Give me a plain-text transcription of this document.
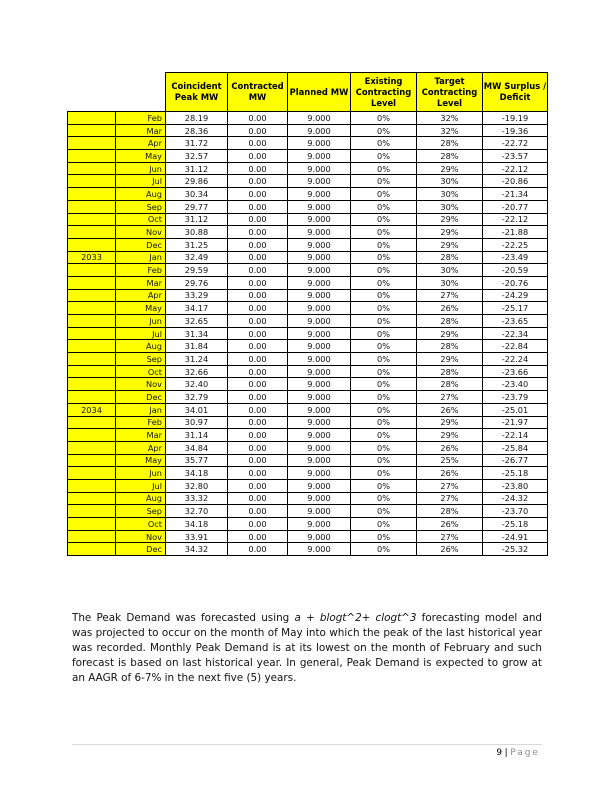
		Coincident Peak MW	Contracted MW	Planned MW	Existing Contracting Level	Target Contracting Level	MW Surplus / Deficit
	Feb	28.19	0.00	9.000	0%	32%	-19.19
	Mar	28.36	0.00	9.000	0%	32%	-19.36
	Apr	31.72	0.00	9.000	0%	28%	-22.72
	May	32.57	0.00	9.000	0%	28%	-23.57
	Jun	31.12	0.00	9.000	0%	29%	-22.12
	Jul	29.86	0.00	9.000	0%	30%	-20.86
	Aug	30.34	0.00	9.000	0%	30%	-21.34
	Sep	29.77	0.00	9.000	0%	30%	-20.77
	Oct	31.12	0.00	9.000	0%	29%	-22.12
	Nov	30.88	0.00	9.000	0%	29%	-21.88
	Dec	31.25	0.00	9.000	0%	29%	-22.25
2033	Jan	32.49	0.00	9.000	0%	28%	-23.49
	Feb	29.59	0.00	9.000	0%	30%	-20.59
	Mar	29.76	0.00	9.000	0%	30%	-20.76
	Apr	33.29	0.00	9.000	0%	27%	-24.29
	May	34.17	0.00	9.000	0%	26%	-25.17
	Jun	32.65	0.00	9.000	0%	28%	-23.65
	Jul	31.34	0.00	9.000	0%	29%	-22.34
	Aug	31.84	0.00	9.000	0%	28%	-22.84
	Sep	31.24	0.00	9.000	0%	29%	-22.24
	Oct	32.66	0.00	9.000	0%	28%	-23.66
	Nov	32.40	0.00	9.000	0%	28%	-23.40
	Dec	32.79	0.00	9.000	0%	27%	-23.79
2034	Jan	34.01	0.00	9.000	0%	26%	-25.01
	Feb	30.97	0.00	9.000	0%	29%	-21.97
	Mar	31.14	0.00	9.000	0%	29%	-22.14
	Apr	34.84	0.00	9.000	0%	26%	-25.84
	May	35.77	0.00	9.000	0%	25%	-26.77
	Jun	34.18	0.00	9.000	0%	26%	-25.18
	Jul	32.80	0.00	9.000	0%	27%	-23.80
	Aug	33.32	0.00	9.000	0%	27%	-24.32
	Sep	32.70	0.00	9.000	0%	28%	-23.70
	Oct	34.18	0.00	9.000	0%	26%	-25.18
	Nov	33.91	0.00	9.000	0%	27%	-24.91
	Dec	34.32	0.00	9.000	0%	26%	-25.32

The Peak Demand was forecasted using a + blogt^2+ clogt^3 forecasting model and was projected to occur on the month of May into which the peak of the last historical year was recorded. Monthly Peak Demand is at its lowest on the month of February and such forecast is based on last historical year. In general, Peak Demand is expected to grow at an AAGR of 6-7% in the next five (5) years.

9 | Page
